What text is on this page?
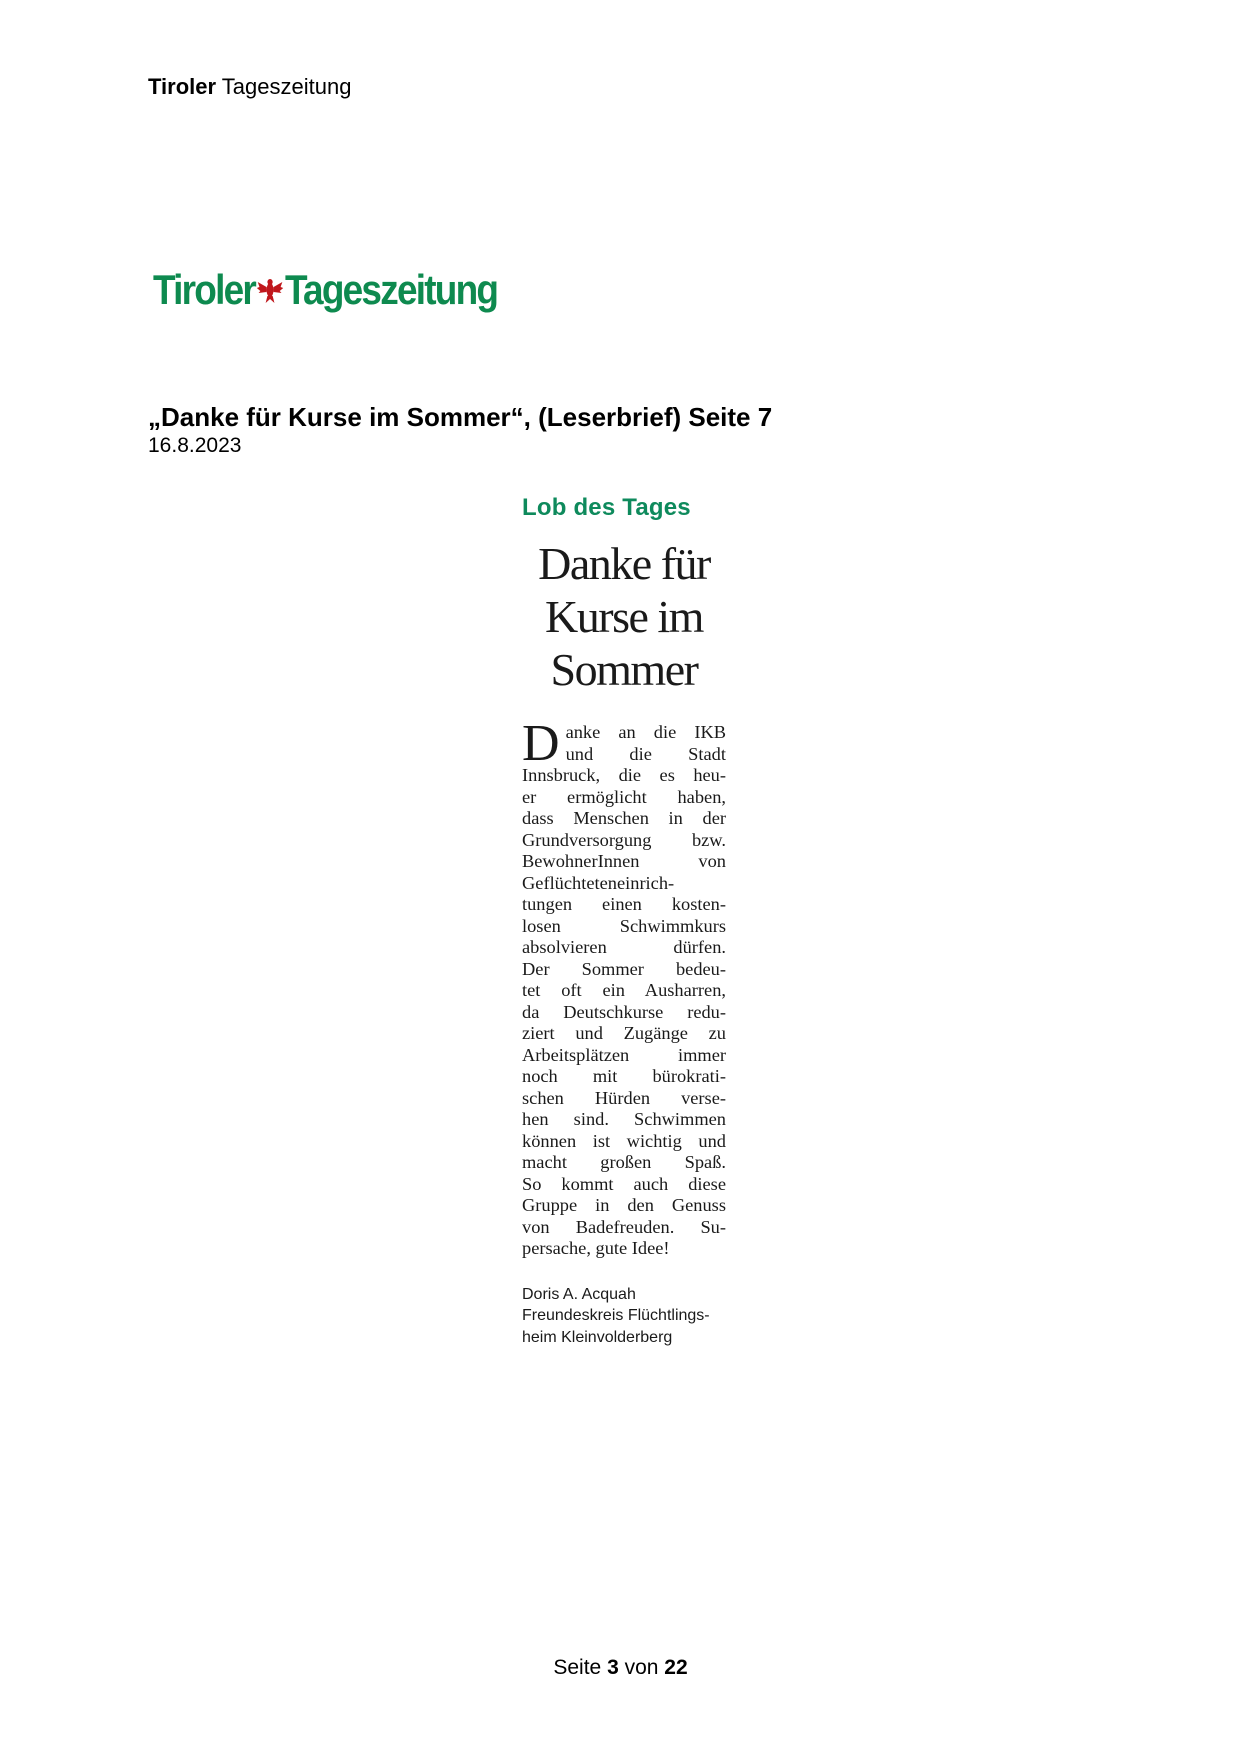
Tiroler Tageszeitung
Tiroler Tageszeitung
„Danke für Kurse im Sommer“, (Leserbrief) Seite 7
16.8.2023

Lob des Tages

Danke für
Kurse im
Sommer
D anke an die IKB
und die Stadt
Innsbruck, die es heu-
er ermöglicht haben,
dass Menschen in der
Grundversorgung bzw.
BewohnerInnen von
Geflüchteteneinrich-
tungen einen kosten-
losen Schwimmkurs
absolvieren dürfen.
Der Sommer bedeu-
tet oft ein Ausharren,
da Deutschkurse redu-
ziert und Zugänge zu
Arbeitsplätzen immer
noch mit bürokrati-
schen Hürden verse-
hen sind. Schwimmen
können ist wichtig und
macht großen Spaß.
So kommt auch diese
Gruppe in den Genuss
von Badefreuden. Su-
persache, gute Idee!
Doris A. Acquah
Freundeskreis Flüchtlings-
heim Kleinvolderberg
Seite 3 von 22
